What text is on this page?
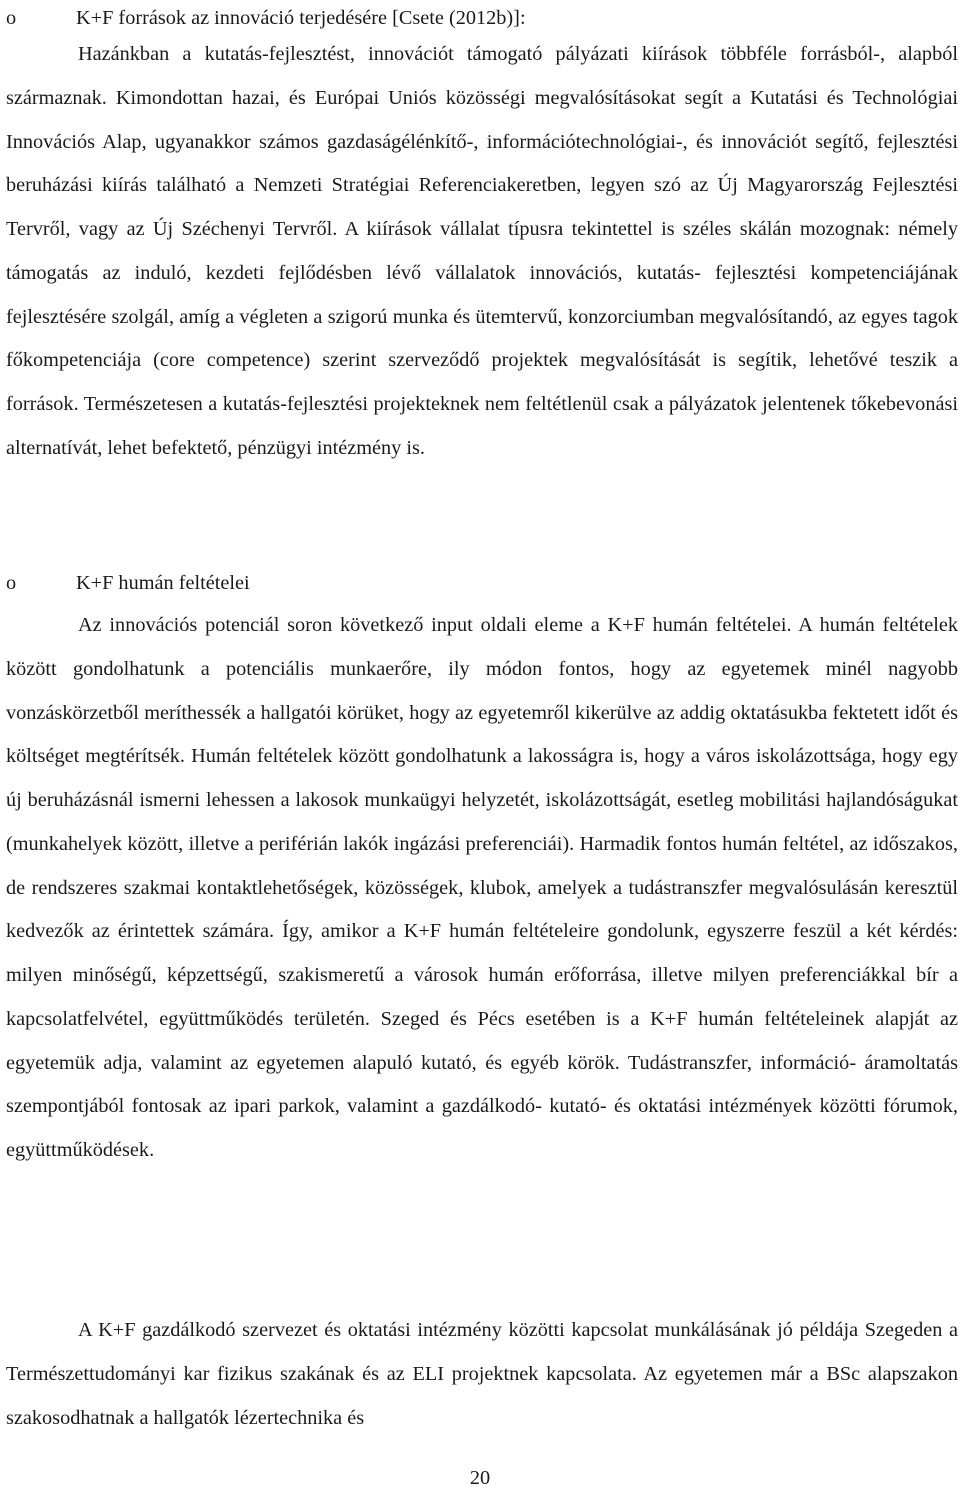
o	K+F források az innováció terjedésére [Csete (2012b)]:

Hazánkban a kutatás-fejlesztést, innovációt támogató pályázati kiírások többféle forrásból-, alapból származnak. Kimondottan hazai, és Európai Uniós közösségi megvalósításokat segít a Kutatási és Technológiai Innovációs Alap, ugyanakkor számos gazdaságélénkítő-, információtechnológiai-, és innovációt segítő, fejlesztési beruházási kiírás található a Nemzeti Stratégiai Referenciakeretben, legyen szó az Új Magyarország Fejlesztési Tervről, vagy az Új Széchenyi Tervről. A kiírások vállalat típusra tekintettel is széles skálán mozognak: némely támogatás az induló, kezdeti fejlődésben lévő vállalatok innovációs, kutatás- fejlesztési kompetenciájának fejlesztésére szolgál, amíg a végleten a szigorú munka és ütemtervű, konzorciumban megvalósítandó, az egyes tagok főkompetenciája (core competence) szerint szerveződő projektek megvalósítását is segítik, lehetővé teszik a források. Természetesen a kutatás-fejlesztési projekteknek nem feltétlenül csak a pályázatok jelentenek tőkebevonási alternatívát, lehet befektető, pénzügyi intézmény is.

o	K+F humán feltételei

Az innovációs potenciál soron következő input oldali eleme a K+F humán feltételei. A humán feltételek között gondolhatunk a potenciális munkaerőre, ily módon fontos, hogy az egyetemek minél nagyobb vonzáskörzetből meríthessék a hallgatói körüket, hogy az egyetemről kikerülve az addig oktatásukba fektetett időt és költséget megtérítsék. Humán feltételek között gondolhatunk a lakosságra is, hogy a város iskolázottsága, hogy egy új beruházásnál ismerni lehessen a lakosok munkaügyi helyzetét, iskolázottságát, esetleg mobilitási hajlandóságukat (munkahelyek között, illetve a periférián lakók ingázási preferenciái). Harmadik fontos humán feltétel, az időszakos, de rendszeres szakmai kontaktlehetőségek, közösségek, klubok, amelyek a tudástranszfer megvalósulásán keresztül kedvezők az érintettek számára. Így, amikor a K+F humán feltételeire gondolunk, egyszerre feszül a két kérdés: milyen minőségű, képzettségű, szakismeretű a városok humán erőforrása, illetve milyen preferenciákkal bír a kapcsolatfelvétel, együttműködés területén. Szeged és Pécs esetében is a K+F humán feltételeinek alapját az egyetemük adja, valamint az egyetemen alapuló kutató, és egyéb körök. Tudástranszfer, információ- áramoltatás szempontjából fontosak az ipari parkok, valamint a gazdálkodó- kutató- és oktatási intézmények közötti fórumok, együttműködések.

A K+F gazdálkodó szervezet és oktatási intézmény közötti kapcsolat munkálásának jó példája Szegeden a Természettudományi kar fizikus szakának és az ELI projektnek kapcsolata. Az egyetemen már a BSc alapszakon szakosodhatnak a hallgatók lézertechnika és

20
